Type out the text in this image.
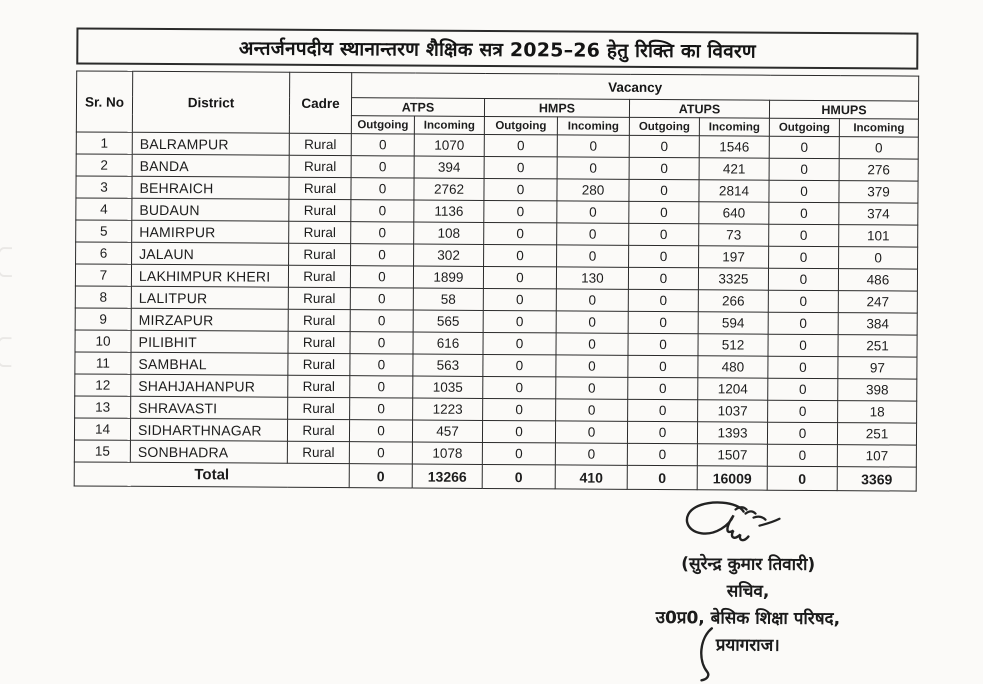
अन्तर्जनपदीय स्थानान्तरण शैक्षिक सत्र 2025–26 हेतु रिक्ति का विवरण
Sr. No	District	Cadre	Vacancy							
			ATPS		HMPS		ATUPS		HMUPS	
			Outgoing	Incoming	Outgoing	Incoming	Outgoing	Incoming	Outgoing	Incoming
1	BALRAMPUR	Rural	0	1070	0	0	0	1546	0	0
2	BANDA	Rural	0	394	0	0	0	421	0	276
3	BEHRAICH	Rural	0	2762	0	280	0	2814	0	379
4	BUDAUN	Rural	0	1136	0	0	0	640	0	374
5	HAMIRPUR	Rural	0	108	0	0	0	73	0	101
6	JALAUN	Rural	0	302	0	0	0	197	0	0
7	LAKHIMPUR KHERI	Rural	0	1899	0	130	0	3325	0	486
8	LALITPUR	Rural	0	58	0	0	0	266	0	247
9	MIRZAPUR	Rural	0	565	0	0	0	594	0	384
10	PILIBHIT	Rural	0	616	0	0	0	512	0	251
11	SAMBHAL	Rural	0	563	0	0	0	480	0	97
12	SHAHJAHANPUR	Rural	0	1035	0	0	0	1204	0	398
13	SHRAVASTI	Rural	0	1223	0	0	0	1037	0	18
14	SIDHARTHNAGAR	Rural	0	457	0	0	0	1393	0	251
15	SONBHADRA	Rural	0	1078	0	0	0	1507	0	107
Total			0	13266	0	410	0	16009	0	3369
(सुरेन्द्र कुमार तिवारी)
सचिव,
उ0प्र0, बेसिक शिक्षा परिषद,
प्रयागराज।
